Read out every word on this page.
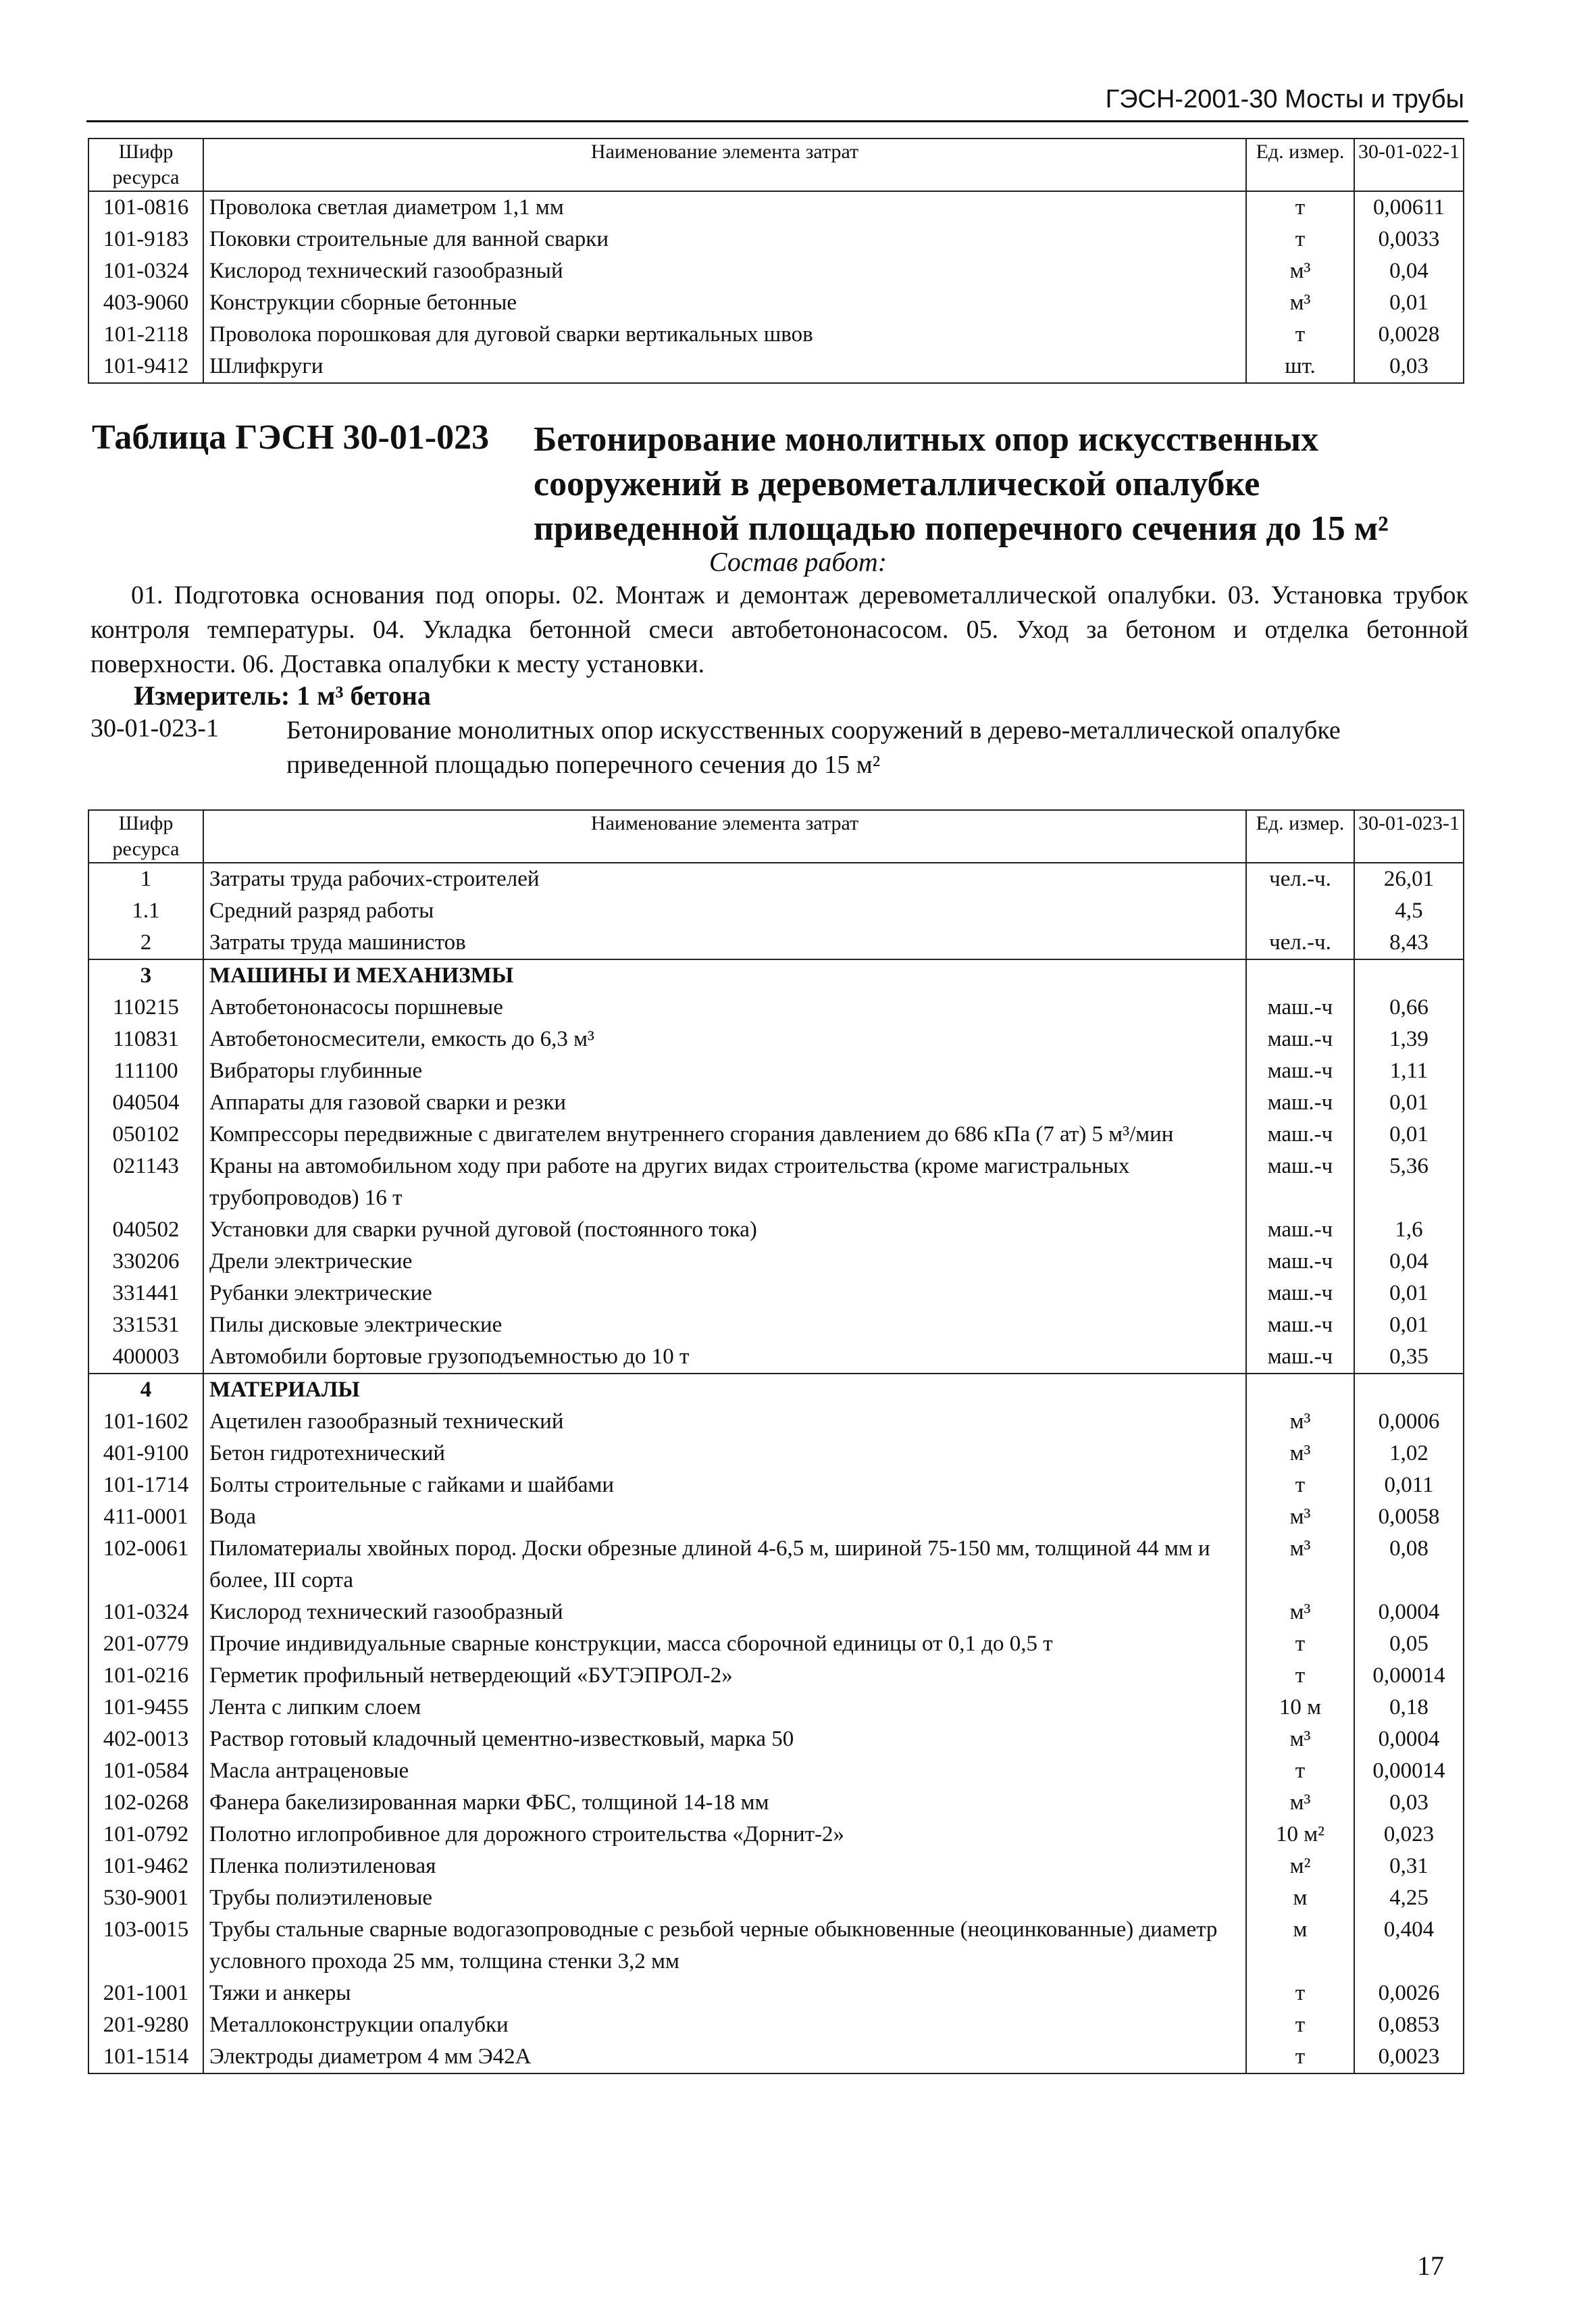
ГЭСН-2001-30 Мосты и трубы
Шифр ресурса	Наименование элемента затрат	Ед. измер.	30-01-022-1
101-0816	Проволока светлая диаметром 1,1 мм	т	0,00611
101-9183	Поковки строительные для ванной сварки	т	0,0033
101-0324	Кислород технический газообразный	м³	0,04
403-9060	Конструкции сборные бетонные	м³	0,01
101-2118	Проволока порошковая для дуговой сварки вертикальных швов	т	0,0028
101-9412	Шлифкруги	шт.	0,03
Таблица ГЭСН 30-01-023 Бетонирование монолитных опор искусственных сооружений в деревометаллической опалубке приведенной площадью поперечного сечения до 15 м²
Состав работ:
01. Подготовка основания под опоры. 02. Монтаж и демонтаж деревометаллической опалубки. 03. Установка трубок контроля температуры. 04. Укладка бетонной смеси автобетононасосом. 05. Уход за бетоном и отделка бетонной поверхности. 06. Доставка опалубки к месту установки.
Измеритель: 1 м³ бетона
30-01-023-1	Бетонирование монолитных опор искусственных сооружений в дерево-металлической опалубке приведенной площадью поперечного сечения до 15 м²
Шифр ресурса	Наименование элемента затрат	Ед. измер.	30-01-023-1
1	Затраты труда рабочих-строителей	чел.-ч.	26,01
1.1	Средний разряд работы		4,5
2	Затраты труда машинистов	чел.-ч.	8,43
3	МАШИНЫ И МЕХАНИЗМЫ		
110215	Автобетононасосы поршневые	маш.-ч	0,66
110831	Автобетоносмесители, емкость до 6,3 м³	маш.-ч	1,39
111100	Вибраторы глубинные	маш.-ч	1,11
040504	Аппараты для газовой сварки и резки	маш.-ч	0,01
050102	Компрессоры передвижные с двигателем внутреннего сгорания давлением до 686 кПа (7 ат) 5 м³/мин	маш.-ч	0,01
021143	Краны на автомобильном ходу при работе на других видах строительства (кроме магистральных трубопроводов) 16 т	маш.-ч	5,36
040502	Установки для сварки ручной дуговой (постоянного тока)	маш.-ч	1,6
330206	Дрели электрические	маш.-ч	0,04
331441	Рубанки электрические	маш.-ч	0,01
331531	Пилы дисковые электрические	маш.-ч	0,01
400003	Автомобили бортовые грузоподъемностью до 10 т	маш.-ч	0,35
4	МАТЕРИАЛЫ		
101-1602	Ацетилен газообразный технический	м³	0,0006
401-9100	Бетон гидротехнический	м³	1,02
101-1714	Болты строительные с гайками и шайбами	т	0,011
411-0001	Вода	м³	0,0058
102-0061	Пиломатериалы хвойных пород. Доски обрезные длиной 4-6,5 м, шириной 75-150 мм, толщиной 44 мм и более, III сорта	м³	0,08
101-0324	Кислород технический газообразный	м³	0,0004
201-0779	Прочие индивидуальные сварные конструкции, масса сборочной единицы от 0,1 до 0,5 т	т	0,05
101-0216	Герметик профильный нетвердеющий «БУТЭПРОЛ-2»	т	0,00014
101-9455	Лента с липким слоем	10 м	0,18
402-0013	Раствор готовый кладочный цементно-известковый, марка 50	м³	0,0004
101-0584	Масла антраценовые	т	0,00014
102-0268	Фанера бакелизированная марки ФБС, толщиной 14-18 мм	м³	0,03
101-0792	Полотно иглопробивное для дорожного строительства «Дорнит-2»	10 м²	0,023
101-9462	Пленка полиэтиленовая	м²	0,31
530-9001	Трубы полиэтиленовые	м	4,25
103-0015	Трубы стальные сварные водогазопроводные с резьбой черные обыкновенные (неоцинкованные) диаметр условного прохода 25 мм, толщина стенки 3,2 мм	м	0,404
201-1001	Тяжи и анкеры	т	0,0026
201-9280	Металлоконструкции опалубки	т	0,0853
101-1514	Электроды диаметром 4 мм Э42А	т	0,0023
17
